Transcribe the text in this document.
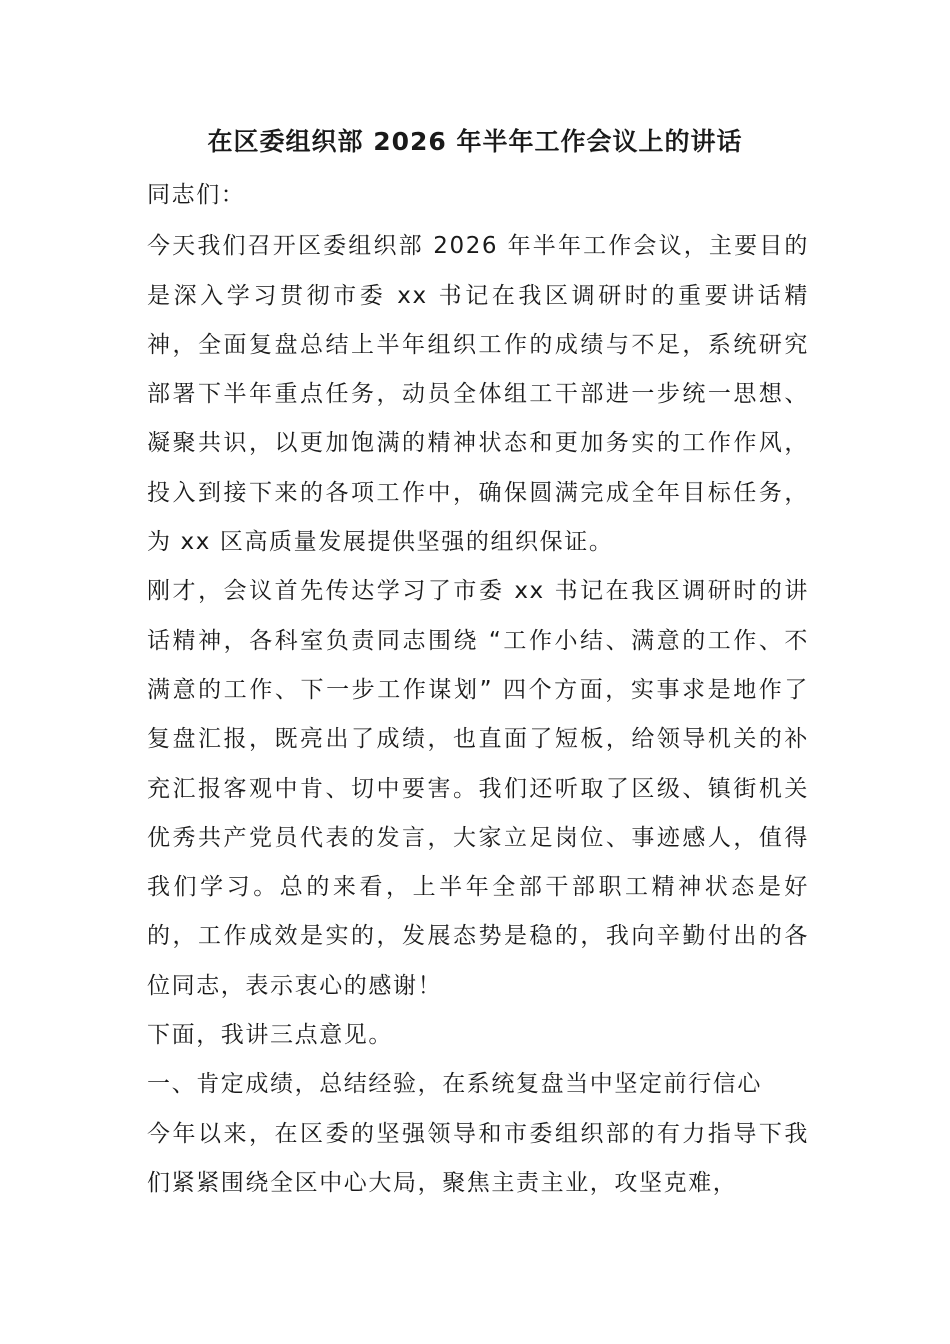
在区委组织部 2026 年半年工作会议上的讲话

同志们：

今天我们召开区委组织部 2026 年半年工作会议，主要目的是深入学习贯彻市委 xx 书记在我区调研时的重要讲话精神，全面复盘总结上半年组织工作的成绩与不足，系统研究部署下半年重点任务，动员全体组工干部进一步统一思想、凝聚共识，以更加饱满的精神状态和更加务实的工作作风，投入到接下来的各项工作中，确保圆满完成全年目标任务，为 xx 区高质量发展提供坚强的组织保证。

刚才，会议首先传达学习了市委 xx 书记在我区调研时的讲话精神，各科室负责同志围绕 “工作小结、满意的工作、不满意的工作、下一步工作谋划” 四个方面，实事求是地作了复盘汇报，既亮出了成绩，也直面了短板，给领导机关的补充汇报客观中肯、切中要害。我们还听取了区级、镇街机关优秀共产党员代表的发言，大家立足岗位、事迹感人，值得我们学习。总的来看，上半年全部干部职工精神状态是好的，工作成效是实的，发展态势是稳的，我向辛勤付出的各位同志，表示衷心的感谢！

下面，我讲三点意见。

一、肯定成绩，总结经验，在系统复盘当中坚定前行信心

今年以来，在区委的坚强领导和市委组织部的有力指导下我们紧紧围绕全区中心大局，聚焦主责主业，攻坚克难，
